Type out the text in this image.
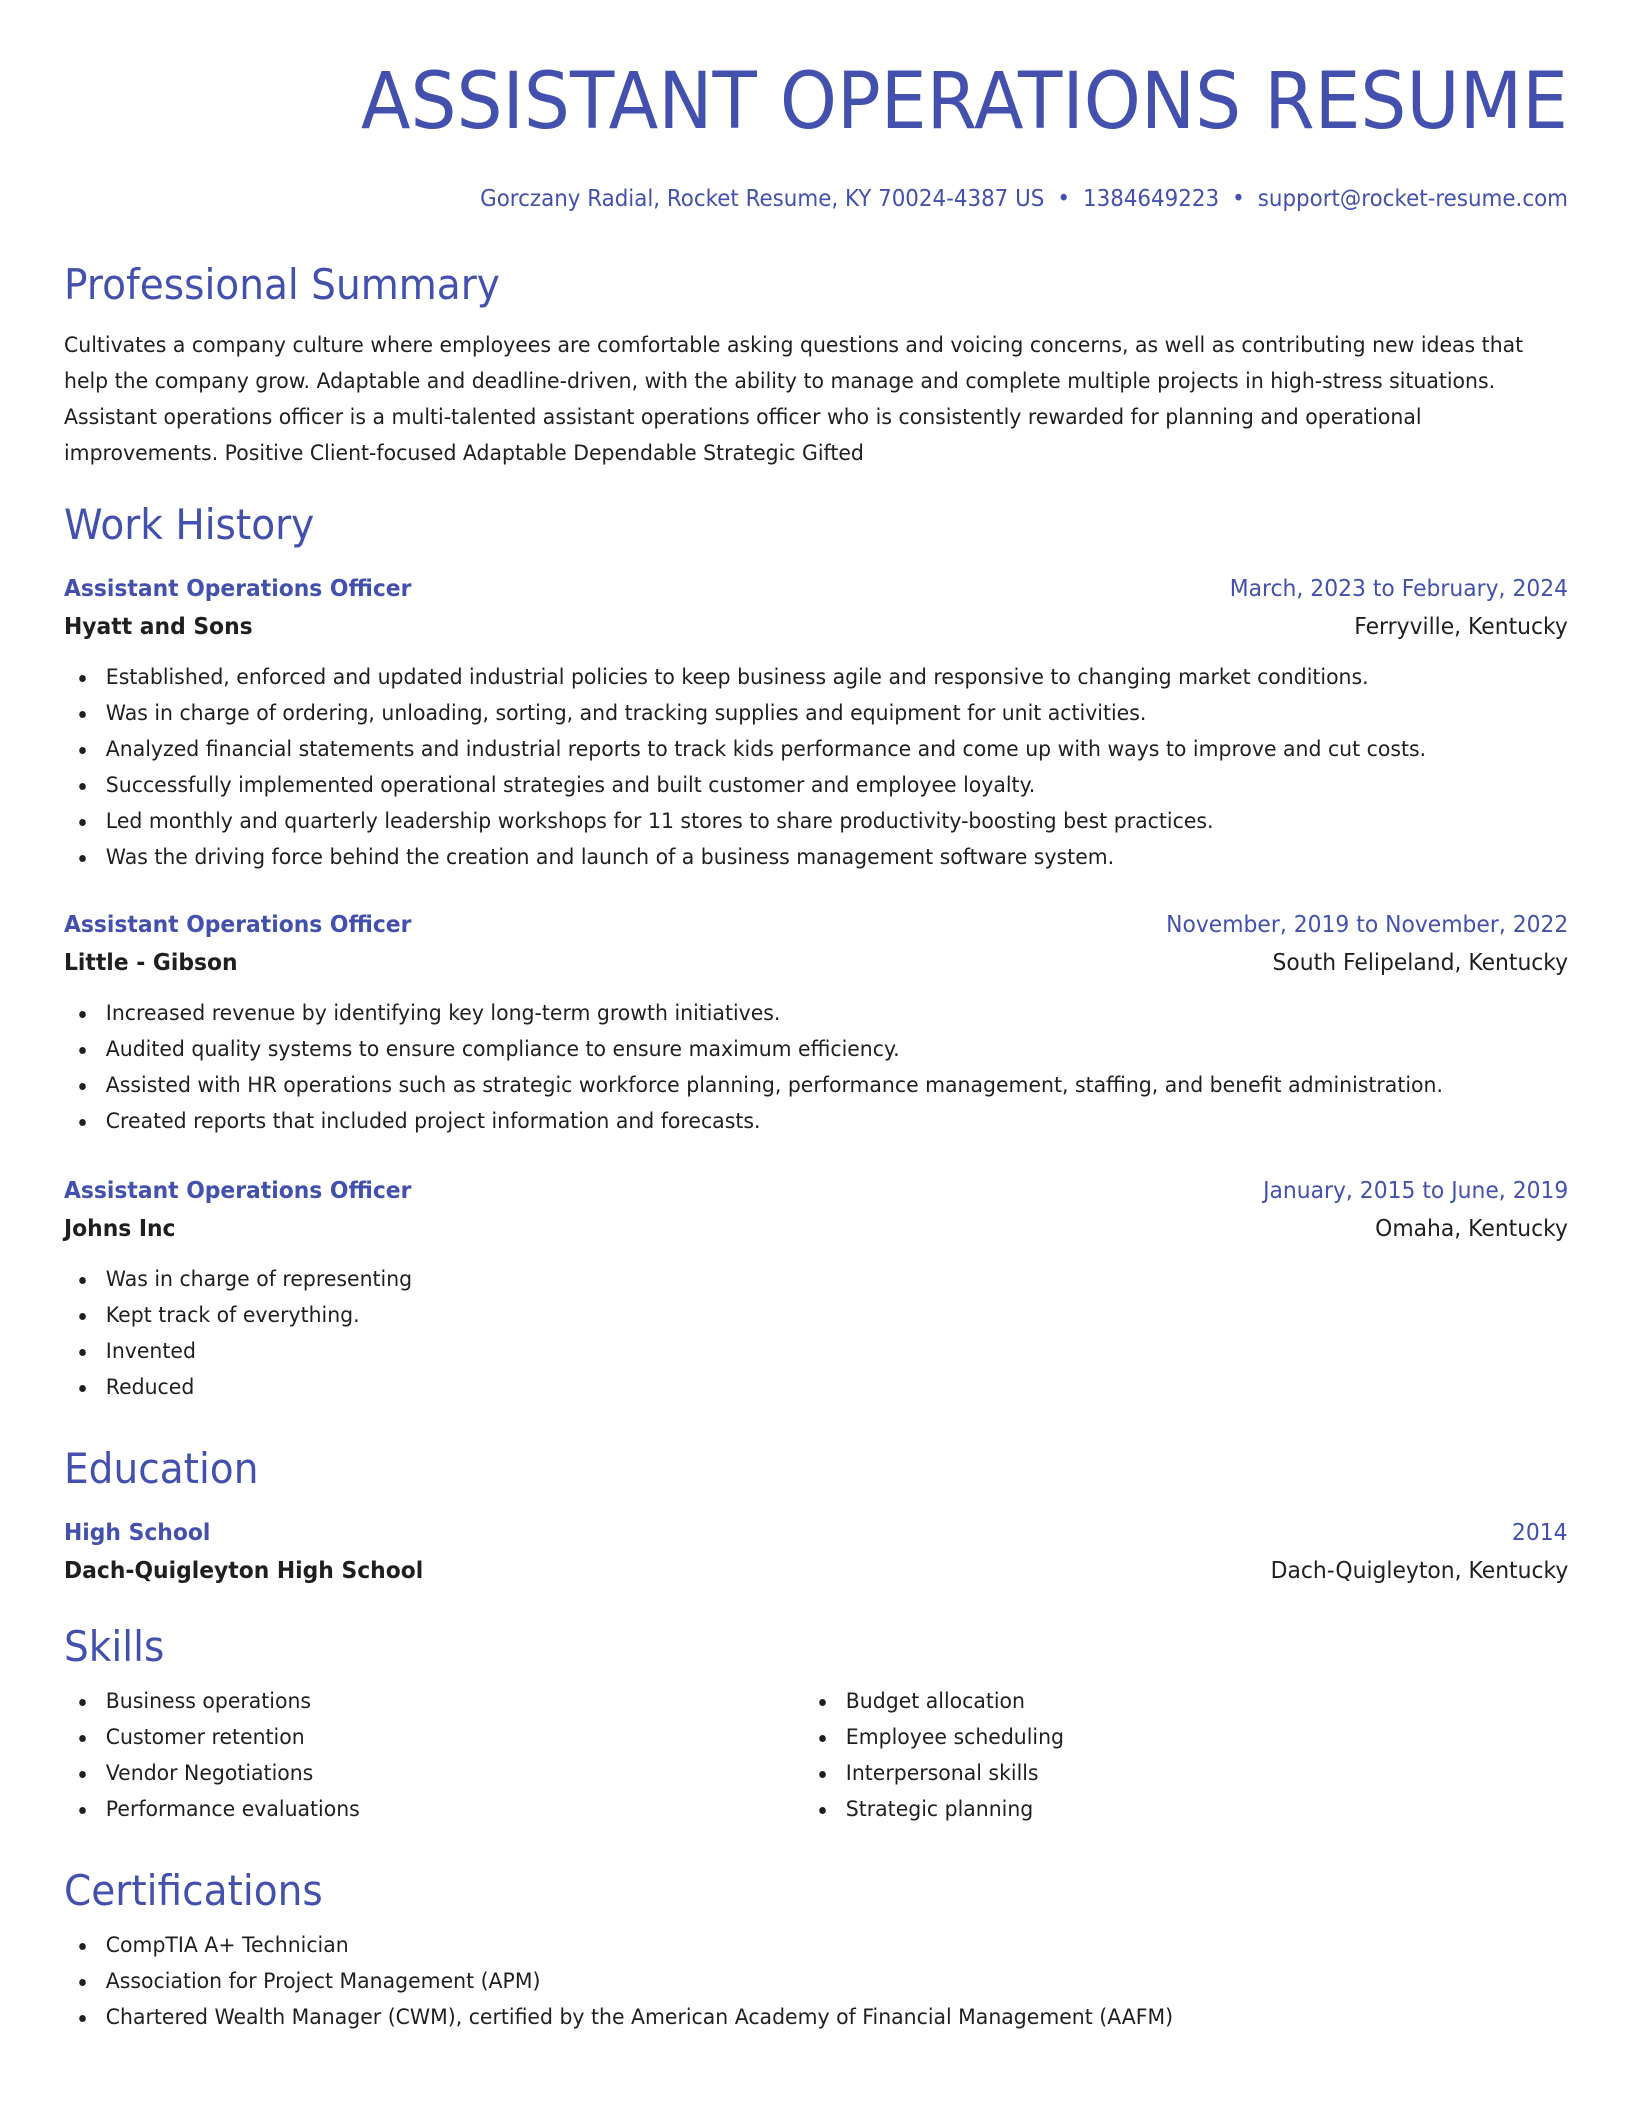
ASSISTANT OPERATIONS RESUME
Gorczany Radial, Rocket Resume, KY 70024-4387 US • 1384649223 • support@rocket-resume.com
Professional Summary

Cultivates a company culture where employees are comfortable asking questions and voicing concerns, as well as contributing new ideas that help the company grow. Adaptable and deadline-driven, with the ability to manage and complete multiple projects in high-stress situations. Assistant operations officer is a multi-talented assistant operations officer who is consistently rewarded for planning and operational improvements. Positive Client-focused Adaptable Dependable Strategic Gifted

Work History
Assistant Operations Officer	March, 2023 to February, 2024
Hyatt and Sons	Ferryville, Kentucky
Established, enforced and updated industrial policies to keep business agile and responsive to changing market conditions.
Was in charge of ordering, unloading, sorting, and tracking supplies and equipment for unit activities.
Analyzed financial statements and industrial reports to track kids performance and come up with ways to improve and cut costs.
Successfully implemented operational strategies and built customer and employee loyalty.
Led monthly and quarterly leadership workshops for 11 stores to share productivity-boosting best practices.
Was the driving force behind the creation and launch of a business management software system.
Assistant Operations Officer	November, 2019 to November, 2022
Little - Gibson	South Felipeland, Kentucky
Increased revenue by identifying key long-term growth initiatives.
Audited quality systems to ensure compliance to ensure maximum efficiency.
Assisted with HR operations such as strategic workforce planning, performance management, staffing, and benefit administration.
Created reports that included project information and forecasts.
Assistant Operations Officer	January, 2015 to June, 2019
Johns Inc	Omaha, Kentucky
Was in charge of representing
Kept track of everything.
Invented
Reduced
Education
High School	2014
Dach-Quigleyton High School	Dach-Quigleyton, Kentucky
Skills
Business operations
Customer retention
Vendor Negotiations
Performance evaluations
Budget allocation
Employee scheduling
Interpersonal skills
Strategic planning
Certifications
CompTIA A+ Technician
Association for Project Management (APM)
Chartered Wealth Manager (CWM), certified by the American Academy of Financial Management (AAFM)
